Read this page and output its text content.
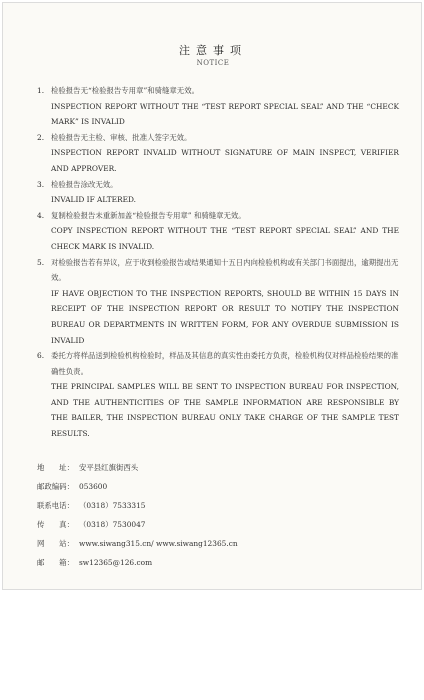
注意事项
NOTICE
1. 检验报告无“检验报告专用章”和骑缝章无效。
INSPECTION REPORT WITHOUT THE “TEST REPORT SPECIAL SEAL” AND THE “CHECK MARK” IS INVALID
2. 检验报告无主检、审核、批准人签字无效。
INSPECTION REPORT INVALID WITHOUT SIGNATURE OF MAIN INSPECT, VERIFIER AND APPROVER.
3. 检验报告涂改无效。
INVALID IF ALTERED.
4. 复制检验报告未重新加盖“检验报告专用章” 和骑缝章无效。
COPY INSPECTION REPORT WITHOUT THE “TEST REPORT SPECIAL SEAL” AND THE CHECK MARK IS INVALID.
5. 对检验报告若有异议，应于收到检验报告或结果通知十五日内向检验机构或有关部门书面提出，逾期提出无效。
IF HAVE OBJECTION TO THE INSPECTION REPORTS, SHOULD BE WITHIN 15 DAYS IN RECEIPT OF THE INSPECTION REPORT OR RESULT TO NOTIFY THE INSPECTION BUREAU OR DEPARTMENTS IN WRITTEN FORM, FOR ANY OVERDUE SUBMISSION IS INVALID
6. 委托方将样品送到检验机构检验时，样品及其信息的真实性由委托方负责，检验机构仅对样品检验结果的准确性负责。
THE PRINCIPAL SAMPLES WILL BE SENT TO INSPECTION BUREAU FOR INSPECTION, AND THE AUTHENTICITIES OF THE SAMPLE INFORMATION ARE RESPONSIBLE BY THE BAILER, THE INSPECTION BUREAU ONLY TAKE CHARGE OF THE SAMPLE TEST RESULTS.
地　　址： 安平县红旗街西头
邮政编码： 053600
联系电话： （0318）7533315
传　　真： （0318）7530047
网　　站： www.siwang315.cn/ www.siwang12365.cn
邮　　箱： sw12365@126.com
